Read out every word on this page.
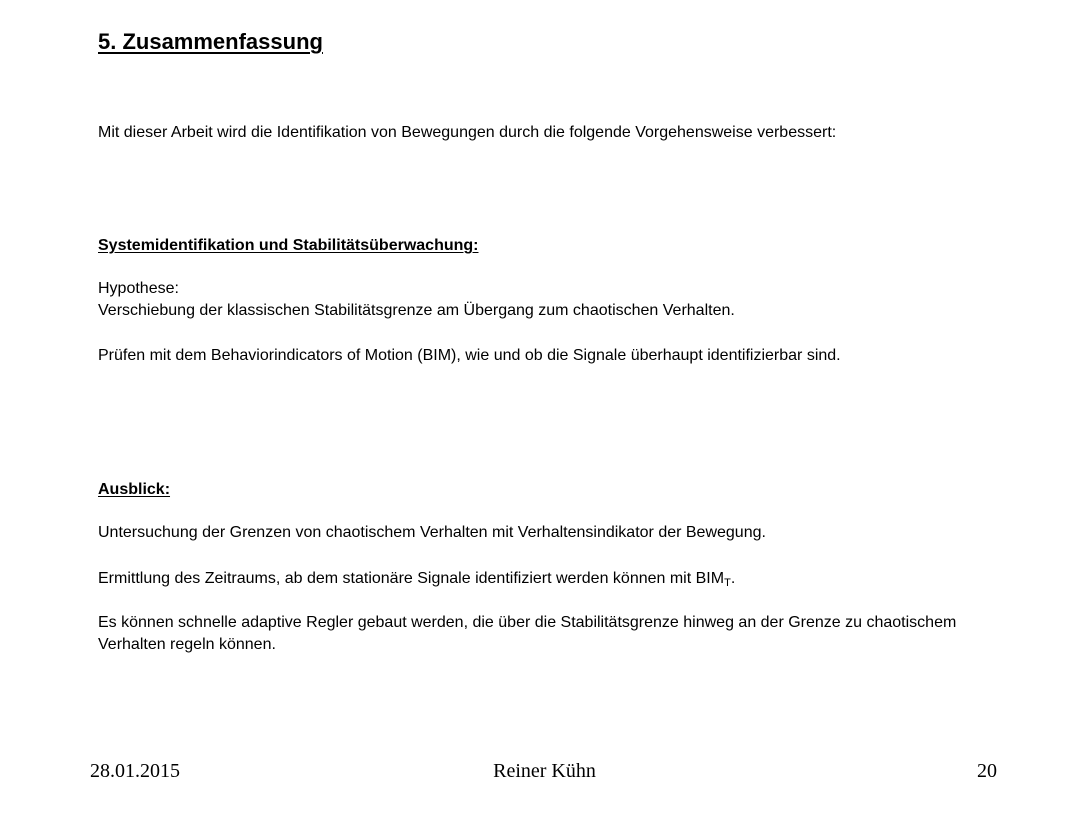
5. Zusammenfassung

Mit dieser Arbeit wird die Identifikation von Bewegungen durch die folgende Vorgehensweise verbessert:

Systemidentifikation und Stabilitätsüberwachung:

Hypothese:

Verschiebung der klassischen Stabilitätsgrenze am Übergang zum chaotischen Verhalten.

Prüfen mit dem Behaviorindicators of Motion (BIM), wie und ob die Signale überhaupt identifizierbar sind.

Ausblick:

Untersuchung der Grenzen von chaotischem Verhalten mit Verhaltensindikator der Bewegung.

Ermittlung des Zeitraums, ab dem stationäre Signale identifiziert werden können mit $BIM_T$.

Es können schnelle adaptive Regler gebaut werden, die über die Stabilitätsgrenze hinweg an der Grenze zu chaotischem Verhalten regeln können.

28.01.2015	Reiner Kühn	20
